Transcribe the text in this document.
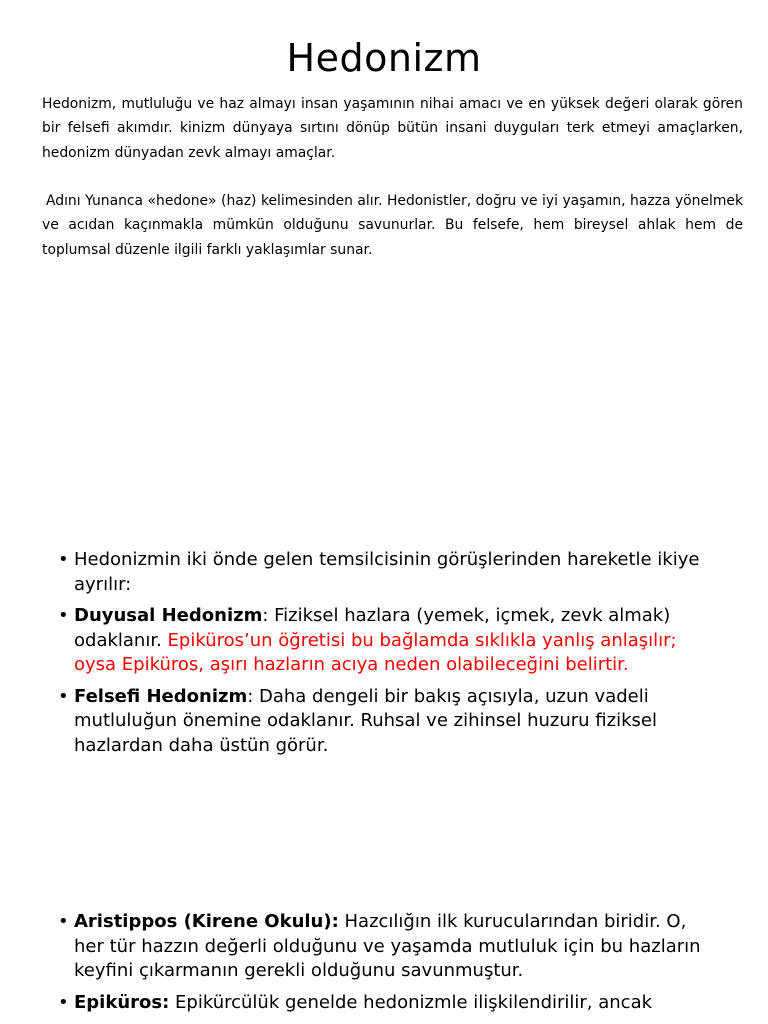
Hedonizm

Hedonizm, mutluluğu ve haz almayı insan yaşamının nihai amacı ve en yüksek değeri olarak gören bir felsefi akımdır. kinizm dünyaya sırtını dönüp bütün insani duyguları terk etmeyi amaçlarken, hedonizm dünyadan zevk almayı amaçlar.

Adını Yunanca «hedone» (haz) kelimesinden alır. Hedonistler, doğru ve iyi yaşamın, hazza yönelmek ve acıdan kaçınmakla mümkün olduğunu savunurlar. Bu felsefe, hem bireysel ahlak hem de toplumsal düzenle ilgili farklı yaklaşımlar sunar.

• Hedonizmin iki önde gelen temsilcisinin görüşlerinden hareketle ikiye ayrılır:
• Duyusal Hedonizm: Fiziksel hazlara (yemek, içmek, zevk almak) odaklanır. Epiküros’un öğretisi bu bağlamda sıklıkla yanlış anlaşılır; oysa Epiküros, aşırı hazların acıya neden olabileceğini belirtir.
• Felsefi Hedonizm: Daha dengeli bir bakış açısıyla, uzun vadeli mutluluğun önemine odaklanır. Ruhsal ve zihinsel huzuru fiziksel hazlardan daha üstün görür.
• Aristippos (Kirene Okulu): Hazcılığın ilk kurucularından biridir. O, her tür hazzın değerli olduğunu ve yaşamda mutluluk için bu hazların keyfini çıkarmanın gerekli olduğunu savunmuştur.
• Epiküros: Epikürcülük genelde hedonizmle ilişkilendirilir, ancak
